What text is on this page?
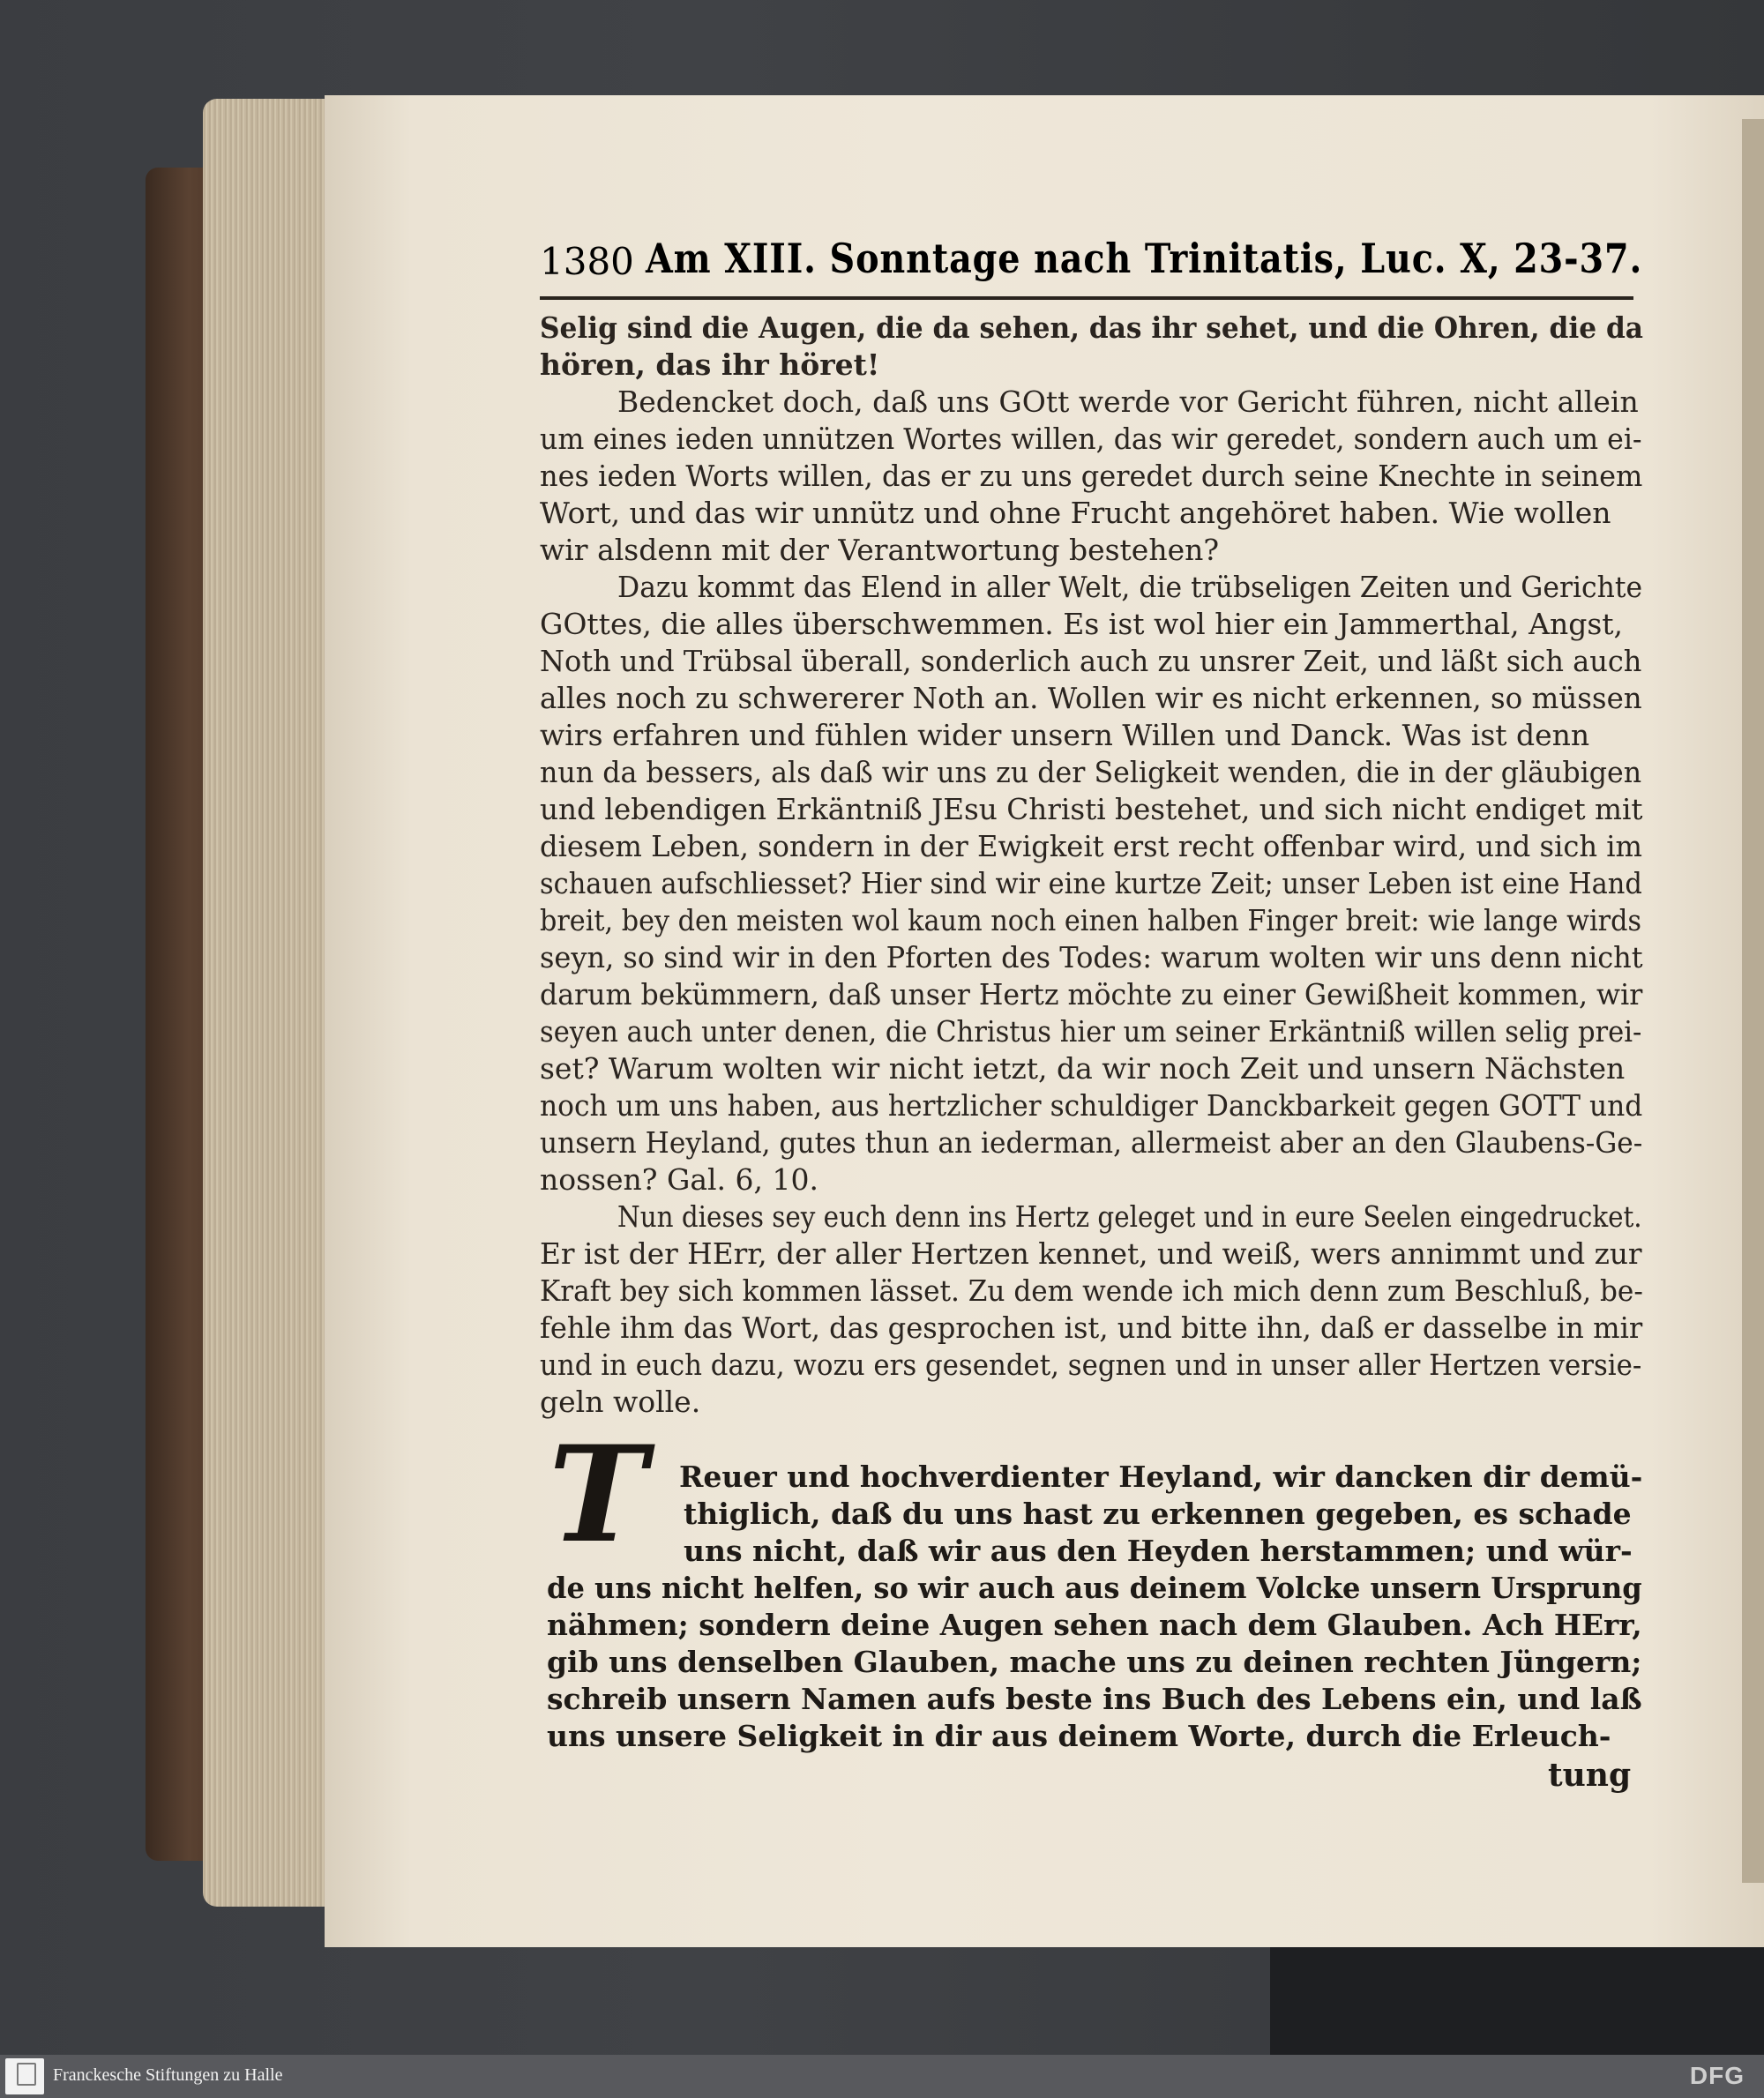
1380 Am XIII. Sonntage nach Trinitatis, Luc. X, 23-37.
Selig sind die Augen, die da sehen, das ihr sehet, und die Ohren, die da
hören, das ihr höret!
Bedencket doch, daß uns GOtt werde vor Gericht führen, nicht allein
um eines ieden unnützen Wortes willen, das wir geredet, sondern auch um ei-
nes ieden Worts willen, das er zu uns geredet durch seine Knechte in seinem
Wort, und das wir unnütz und ohne Frucht angehöret haben. Wie wollen
wir alsdenn mit der Verantwortung bestehen?
Dazu kommt das Elend in aller Welt, die trübseligen Zeiten und Gerichte
GOttes, die alles überschwemmen. Es ist wol hier ein Jammerthal, Angst,
Noth und Trübsal überall, sonderlich auch zu unsrer Zeit, und läßt sich auch
alles noch zu schwererer Noth an. Wollen wir es nicht erkennen, so müssen
wirs erfahren und fühlen wider unsern Willen und Danck. Was ist denn
nun da bessers, als daß wir uns zu der Seligkeit wenden, die in der gläubigen
und lebendigen Erkäntniß JEsu Christi bestehet, und sich nicht endiget mit
diesem Leben, sondern in der Ewigkeit erst recht offenbar wird, und sich im
schauen aufschliesset? Hier sind wir eine kurtze Zeit; unser Leben ist eine Hand
breit, bey den meisten wol kaum noch einen halben Finger breit: wie lange wirds
seyn, so sind wir in den Pforten des Todes: warum wolten wir uns denn nicht
darum bekümmern, daß unser Hertz möchte zu einer Gewißheit kommen, wir
seyen auch unter denen, die Christus hier um seiner Erkäntniß willen selig prei-
set? Warum wolten wir nicht ietzt, da wir noch Zeit und unsern Nächsten
noch um uns haben, aus hertzlicher schuldiger Danckbarkeit gegen GOTT und
unsern Heyland, gutes thun an iederman, allermeist aber an den Glaubens-Ge-
nossen? Gal. 6, 10.
Nun dieses sey euch denn ins Hertz geleget und in eure Seelen eingedrucket.
Er ist der HErr, der aller Hertzen kennet, und weiß, wers annimmt und zur
Kraft bey sich kommen lässet. Zu dem wende ich mich denn zum Beschluß, be-
fehle ihm das Wort, das gesprochen ist, und bitte ihn, daß er dasselbe in mir
und in euch dazu, wozu ers gesendet, segnen und in unser aller Hertzen versie-
geln wolle.
T	Reuer und hochverdienter Heyland, wir dancken dir demü-
thiglich, daß du uns hast zu erkennen gegeben, es schade
uns nicht, daß wir aus den Heyden herstammen; und wür-
de uns nicht helfen, so wir auch aus deinem Volcke unsern Ursprung
nähmen; sondern deine Augen sehen nach dem Glauben. Ach HErr,
gib uns denselben Glauben, mache uns zu deinen rechten Jüngern;
schreib unsern Namen aufs beste ins Buch des Lebens ein, und laß
uns unsere Seligkeit in dir aus deinem Worte, durch die Erleuch-
tung
Franckesche Stiftungen zu Halle	DFG
